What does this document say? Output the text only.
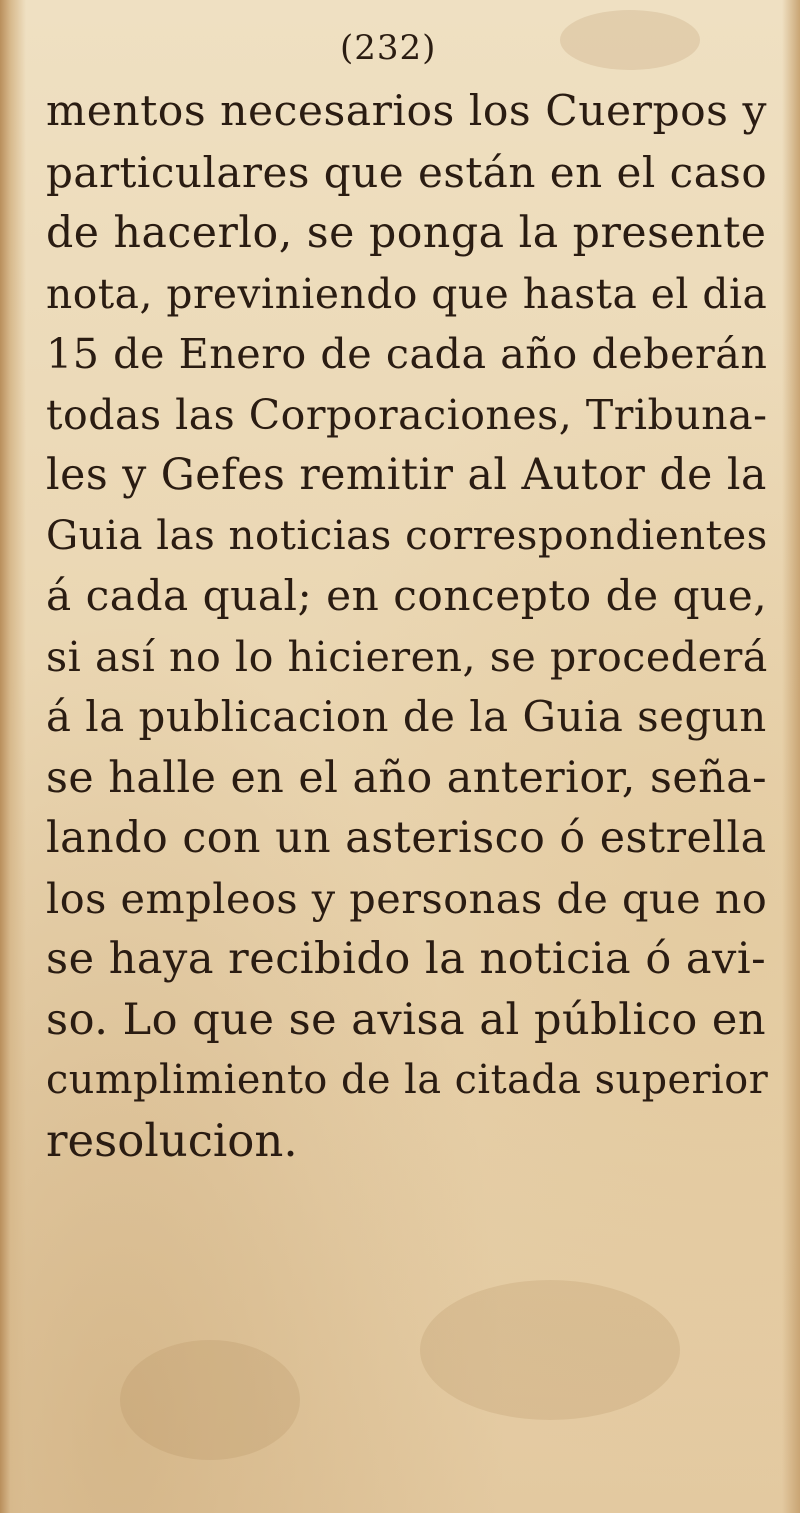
(232)
mentos necesarios los Cuerpos y
particulares que están en el caso
de hacerlo, se ponga la presente
nota, previniendo que hasta el dia
15 de Enero de cada año deberán
todas las Corporaciones, Tribuna-
les y Gefes remitir al Autor de la
Guia las noticias correspondientes
á cada qual; en concepto de que,
si así no lo hicieren, se procederá
á la publicacion de la Guia segun
se halle en el año anterior, seña-
lando con un asterisco ó estrella
los empleos y personas de que no
se haya recibido la noticia ó avi-
so. Lo que se avisa al público en
cumplimiento de la citada superior
resolucion.
